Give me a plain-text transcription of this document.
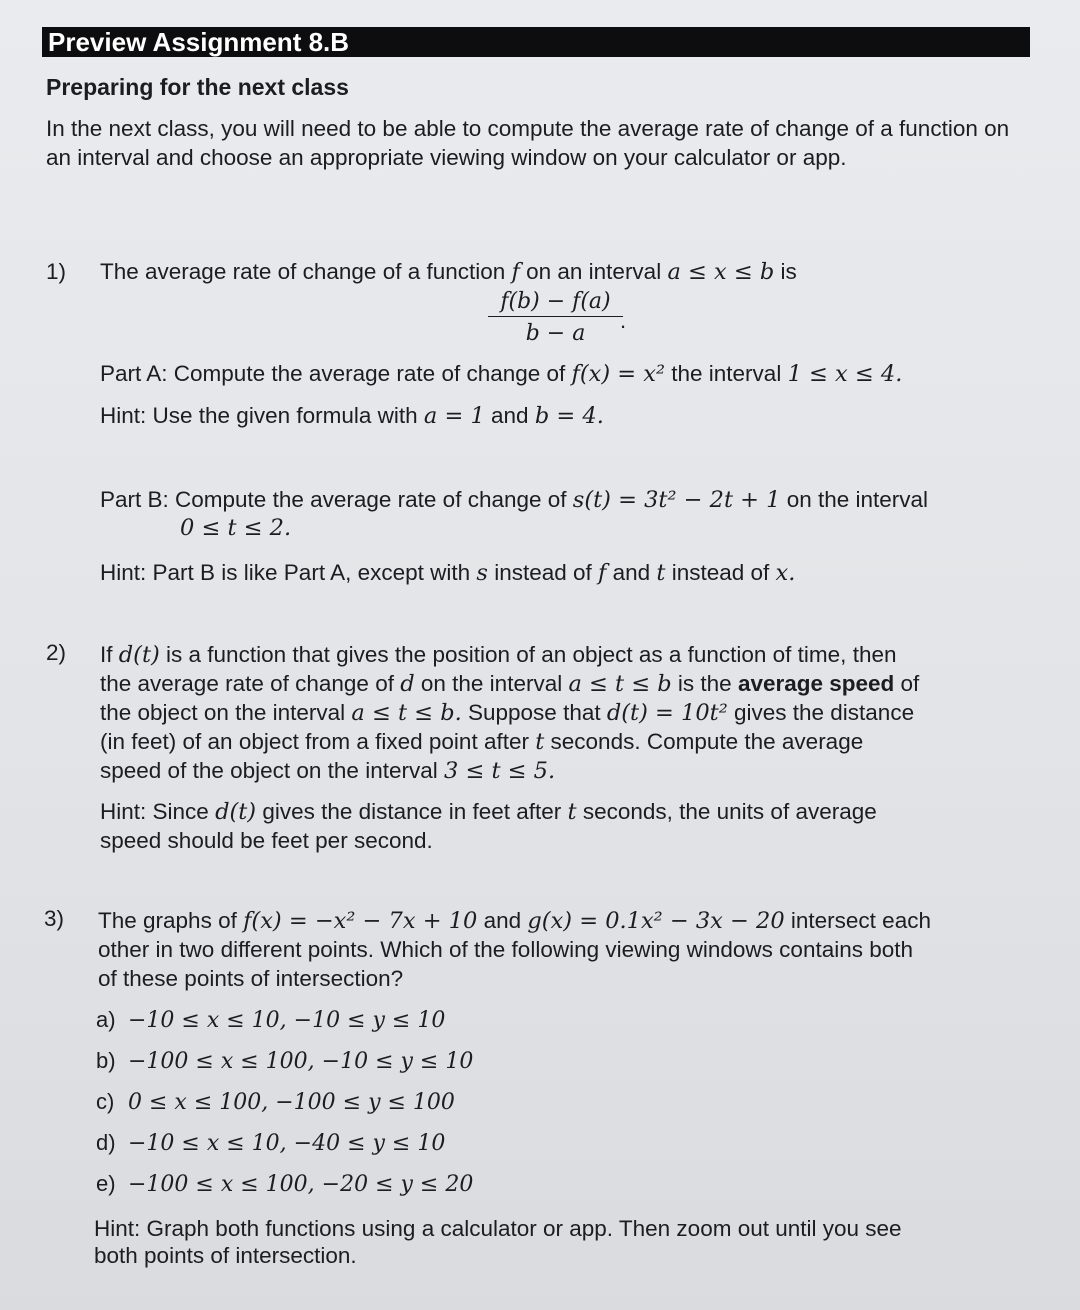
Preview Assignment 8.B
Preparing for the next class
In the next class, you will need to be able to compute the average rate of change of a function on an interval and choose an appropriate viewing window on your calculator or app.
1) The average rate of change of a function f on an interval a ≤ x ≤ b is
$\frac{f(b) - f(a)}{b - a}$
.
Part A: Compute the average rate of change of f(x) = x² the interval 1 ≤ x ≤ 4.
Hint: Use the given formula with a = 1 and b = 4.
Part B: Compute the average rate of change of s(t) = 3t² − 2t + 1 on the interval
0 ≤ t ≤ 2.
Hint: Part B is like Part A, except with s instead of f and t instead of x.
2) If d(t) is a function that gives the position of an object as a function of time, then
the average rate of change of d on the interval a ≤ t ≤ b is the average speed of
the object on the interval a ≤ t ≤ b. Suppose that d(t) = 10t² gives the distance
(in feet) of an object from a fixed point after t seconds. Compute the average
speed of the object on the interval 3 ≤ t ≤ 5.
Hint: Since d(t) gives the distance in feet after t seconds, the units of average
speed should be feet per second.
3) The graphs of f(x) = −x² − 7x + 10 and g(x) = 0.1x² − 3x − 20 intersect each
other in two different points. Which of the following viewing windows contains both
of these points of intersection?
a) −10 ≤ x ≤ 10, −10 ≤ y ≤ 10
b) −100 ≤ x ≤ 100, −10 ≤ y ≤ 10
c) 0 ≤ x ≤ 100, −100 ≤ y ≤ 100
d) −10 ≤ x ≤ 10, −40 ≤ y ≤ 10
e) −100 ≤ x ≤ 100, −20 ≤ y ≤ 20
Hint: Graph both functions using a calculator or app. Then zoom out until you see
both points of intersection.
